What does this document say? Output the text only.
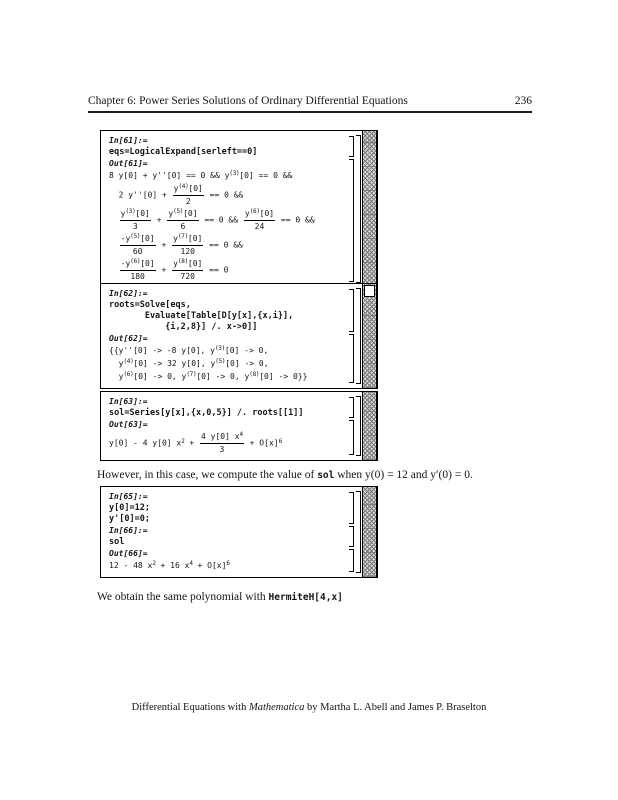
Chapter 6: Power Series Solutions of Ordinary Differential Equations	236
In[61]:=
eqs=LogicalExpand[serleft==0]
Out[61]=
8 y[0] + y''[0] == 0 && $y^{(3)}[0] == 0$ &&
2 $y''[0] + \frac{y^{(4)}[0]}{2} == 0$ &&

$\frac{y^{(3)}[0]}{3} + \frac{y^{(5)}[0]}{6} == 0$ && $\frac{y^{(6)}[0]}{24} == 0$ &&

$\frac{-y^{(5)}[0]}{60} + \frac{y^{(7)}[0]}{120} == 0$ &&

$\frac{-y^{(6)}[0]}{180} + \frac{y^{(8)}[0]}{720} == 0$
In[62]:=
roots=Solve[eqs,
Evaluate[Table[D[y[x],{x,i}],
{i,2,8}] /. x->0]]
Out[62]=
{{y''[0] -> -8 y[0], $y^{(3)}[0] -> 0$,
$y^{(4)}[0] -> 32$ y[0], $y^{(5)}[0] -> 0$,
$y^{(6)}[0] -> 0$, $y^{(7)}[0] -> 0$, $y^{(8)}[0] -> 0$}}
In[63]:=
sol=Series[y[x],{x,0,5}] /. roots[[1]]
Out[63]=
y[0] - 4 y[0] $x^2 + \frac{4 y[0] x^4}{3} + O[x]^6$
In[65]:=
y[0]=12;
y'[0]=0;
In[66]:=
sol
Out[66]=
12 - 48 $x^2 + 16$ $x^4 + O[x]^6$

However, in this case, we compute the value of sol when y(0) = 12 and y′(0) = 0.

We obtain the same polynomial with HermiteH[4,x]

Differential Equations with Mathematica by Martha L. Abell and James P. Braselton
